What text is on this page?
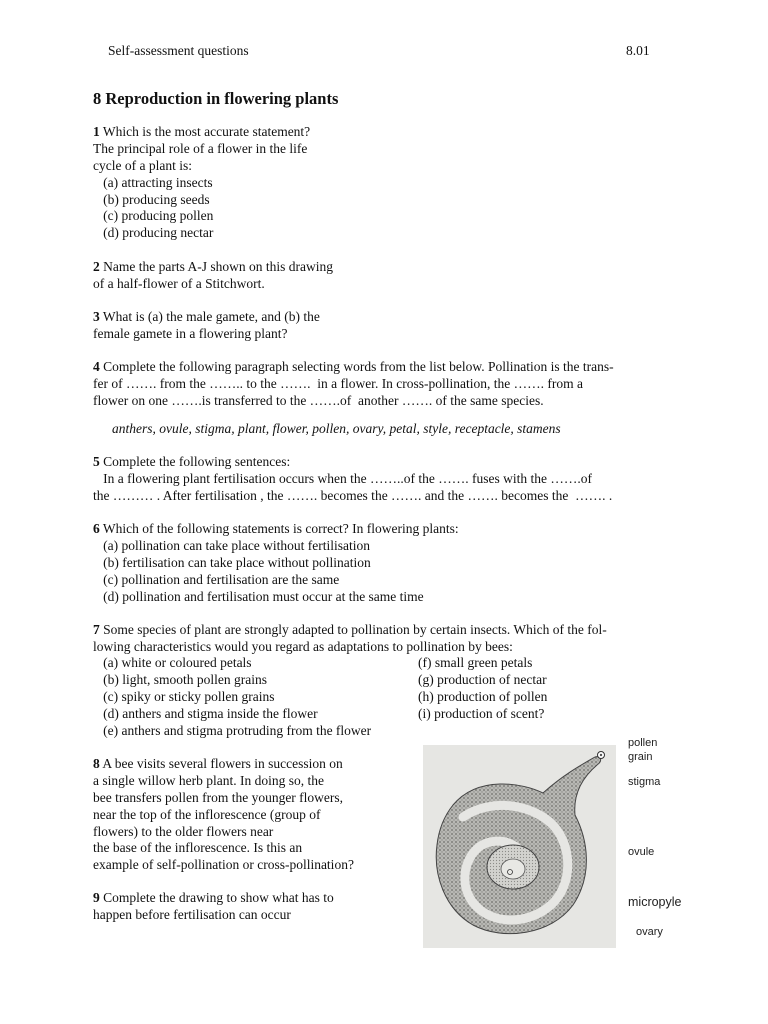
Self-assessment questions	8.01
8 Reproduction in flowering plants
1 Which is the most accurate statement?
The principal role of a flower in the life
cycle of a plant is:
(a) attracting insects
(b) producing seeds
(c) producing pollen
(d) producing nectar
2 Name the parts A-J shown on this drawing
of a half-flower of a Stitchwort.
3 What is (a) the male gamete, and (b) the
female gamete in a flowering plant?
4 Complete the following paragraph selecting words from the list below. Pollination is the trans-
fer of ……. from the …….. to the …….  in a flower. In cross-pollination, the ……. from a
flower on one …….is transferred to the …….of  another ……. of the same species.
anthers, ovule, stigma, plant, flower, pollen, ovary, petal, style, receptacle, stamens
5 Complete the following sentences:
In a flowering plant fertilisation occurs when the ……..of the ……. fuses with the …….of
the ……… . After fertilisation , the ……. becomes the ……. and the ……. becomes the  ……. .
6 Which of the following statements is correct? In flowering plants:
(a) pollination can take place without fertilisation
(b) fertilisation can take place without pollination
(c) pollination and fertilisation are the same
(d) pollination and fertilisation must occur at the same time
7 Some species of plant are strongly adapted to pollination by certain insects. Which of the fol-
lowing characteristics would you regard as adaptations to pollination by bees:
(a) white or coloured petals
(b) light, smooth pollen grains
(c) spiky or sticky pollen grains
(d) anthers and stigma inside the flower
(e) anthers and stigma protruding from the flower
(f) small green petals
(g) production of nectar
(h) production of pollen
(i) production of scent?
8 A bee visits several flowers in succession on
a single willow herb plant. In doing so, the
bee transfers pollen from the younger flowers,
near the top of the inflorescence (group of
flowers) to the older flowers near
the base of the inflorescence. Is this an
example of self-pollination or cross-pollination?
9 Complete the drawing to show what has to
happen before fertilisation can occur
pollen
grain
stigma
ovule
micropyle
ovary
